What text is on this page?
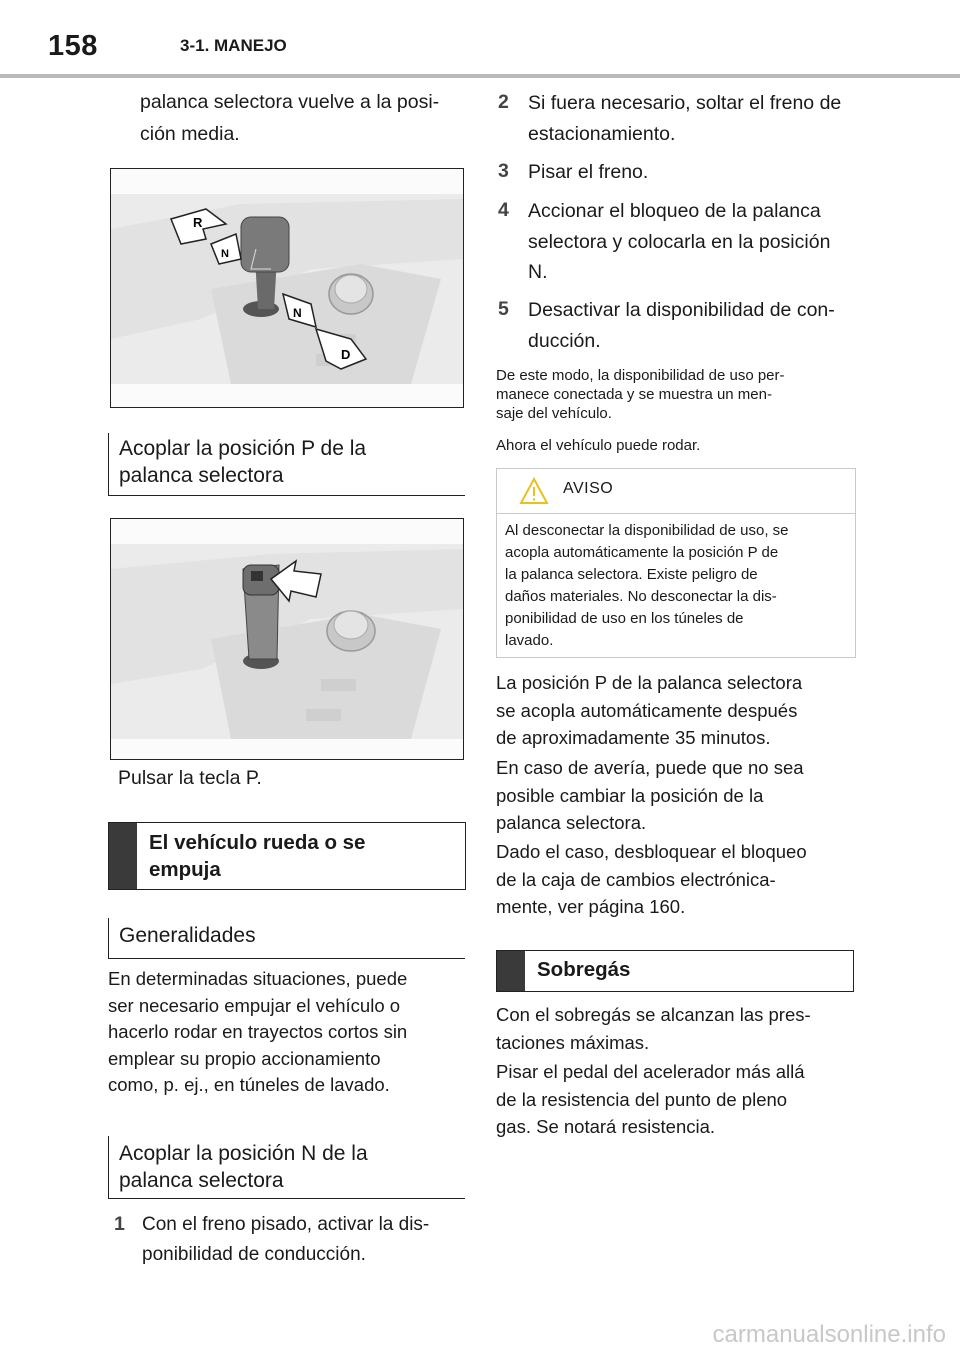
158	3-1. MANEJO

palanca selectora vuelve a la posi-

ción media.

R
N
N
D
Acoplar la posición P de la
palanca selectora
Pulsar la tecla P.
El vehículo rueda o se
empuja
Generalidades
En determinadas situaciones, puede
ser necesario empujar el vehículo o
hacerlo rodar en trayectos cortos sin
emplear su propio accionamiento
como, p. ej., en túneles de lavado.
Acoplar la posición N de la
palanca selectora
1 Con el freno pisado, activar la dis-
ponibilidad de conducción.
2 Si fuera necesario, soltar el freno de
estacionamiento.
3 Pisar el freno.
4 Accionar el bloqueo de la palanca
selectora y colocarla en la posición
N.
5 Desactivar la disponibilidad de con-
ducción.
De este modo, la disponibilidad de uso per-
manece conectada y se muestra un men-
saje del vehículo.
Ahora el vehículo puede rodar.
AVISO
Al desconectar la disponibilidad de uso, se
acopla automáticamente la posición P de
la palanca selectora. Existe peligro de
daños materiales. No desconectar la dis-
ponibilidad de uso en los túneles de
lavado.
La posición P de la palanca selectora
se acopla automáticamente después
de aproximadamente 35 minutos.
En caso de avería, puede que no sea
posible cambiar la posición de la
palanca selectora.
Dado el caso, desbloquear el bloqueo
de la caja de cambios electrónica-
mente, ver página 160.
Sobregás
Con el sobregás se alcanzan las pres-
taciones máximas.
Pisar el pedal del acelerador más allá
de la resistencia del punto de pleno
gas. Se notará resistencia.
carmanualsonline.info
